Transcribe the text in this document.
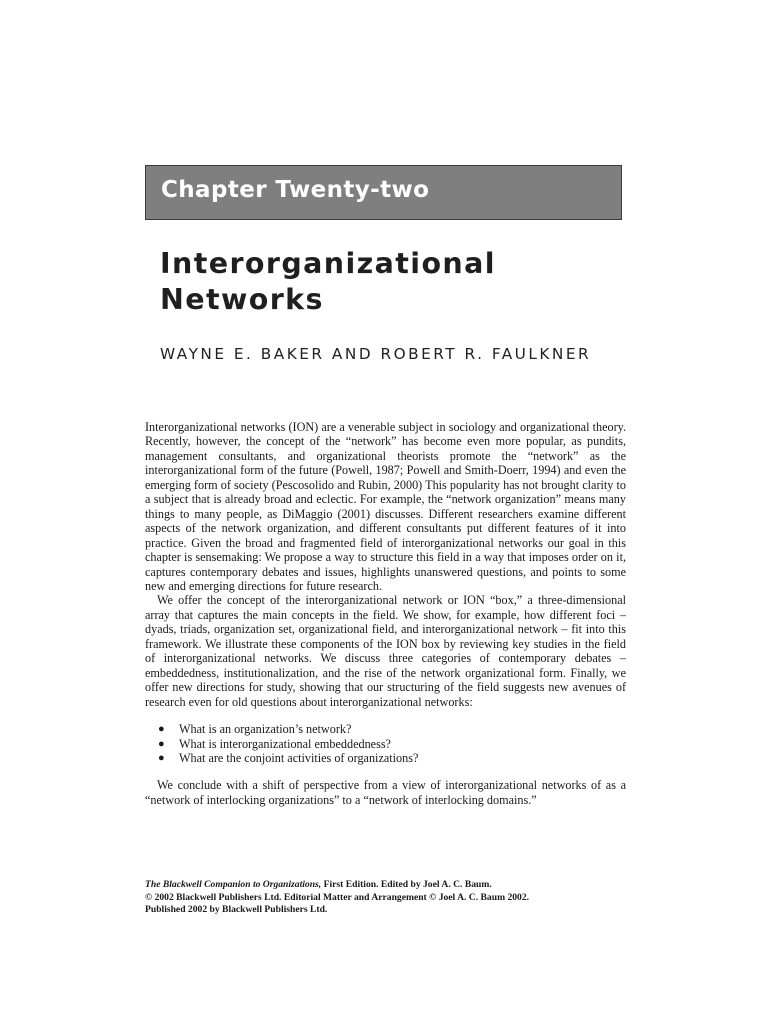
Chapter Twenty-two
Interorganizational
Networks
WAYNE E. BAKER AND ROBERT R. FAULKNER

Interorganizational networks (ION) are a venerable subject in sociology and organizational theory. Recently, however, the concept of the “network” has become even more popular, as pundits, management consultants, and organizational theorists promote the “network” as the interorganizational form of the future (Powell, 1987; Powell and Smith-Doerr, 1994) and even the emerging form of society (Pescosolido and Rubin, 2000) This popularity has not brought clarity to a subject that is already broad and eclectic. For example, the “network organization” means many things to many people, as DiMaggio (2001) discusses. Different researchers examine different aspects of the network organization, and different consultants put different features of it into practice. Given the broad and fragmented field of interorganizational networks our goal in this chapter is sensemaking: We propose a way to structure this field in a way that imposes order on it, captures contemporary debates and issues, highlights unanswered questions, and points to some new and emerging directions for future research.

We offer the concept of the interorganizational network or ION “box,” a three-dimensional array that captures the main concepts in the field. We show, for example, how different foci – dyads, triads, organization set, organizational field, and interorganizational network – fit into this framework. We illustrate these components of the ION box by reviewing key studies in the field of interorganizational networks. We discuss three categories of contemporary debates – embeddedness, institutionalization, and the rise of the network organizational form. Finally, we offer new directions for study, showing that our structuring of the field suggests new avenues of research even for old questions about interorganizational networks:

● What is an organization’s network?
● What is interorganizational embeddedness?
● What are the conjoint activities of organizations?

We conclude with a shift of perspective from a view of interorganizational networks of as a “network of interlocking organizations” to a “network of interlocking domains.”

The Blackwell Companion to Organizations, First Edition. Edited by Joel A. C. Baum.
© 2002 Blackwell Publishers Ltd. Editorial Matter and Arrangement © Joel A. C. Baum 2002.
Published 2002 by Blackwell Publishers Ltd.
